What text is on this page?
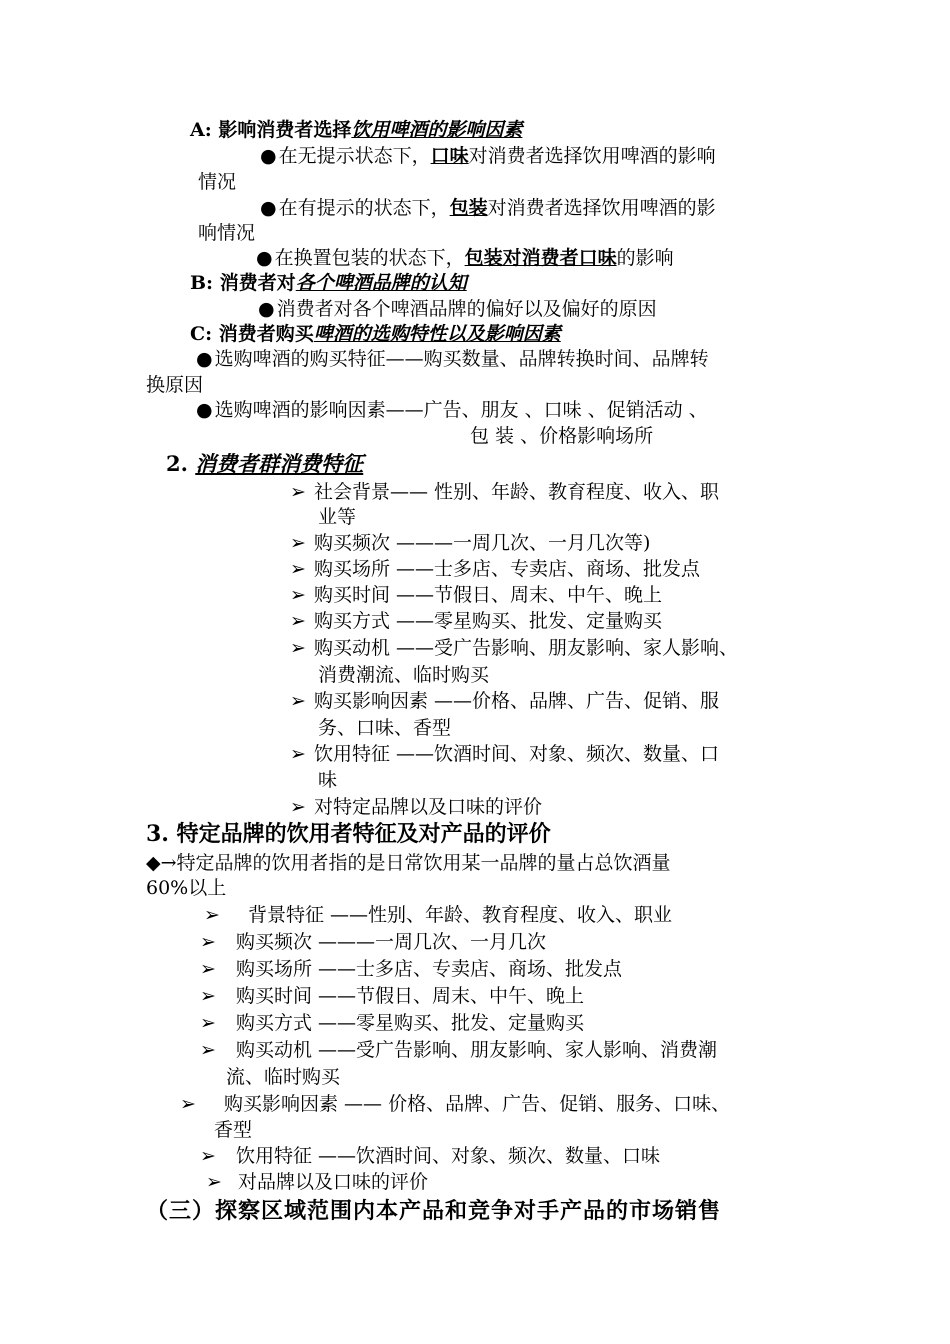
A: 影响消费者选择饮用啤酒的影响因素
● 在无提示状态下，口味对消费者选择饮用啤酒的影响
情况
● 在有提示的状态下，包装对消费者选择饮用啤酒的影
响情况
● 在换置包装的状态下，包装对消费者口味的影响
B: 消费者对各个啤酒品牌的认知
● 消费者对各个啤酒品牌的偏好以及偏好的原因
C: 消费者购买啤酒的选购特性以及影响因素
● 选购啤酒的购买特征——购买数量、品牌转换时间、品牌转
换原因
● 选购啤酒的影响因素——广告、朋友 、口味 、促销活动 、
包 装 、价格影响场所
2. 消费者群消费特征
➢ 社会背景—— 性别、年龄、教育程度、收入、职
业等
➢ 购买频次 ———一周几次、一月几次等)
➢ 购买场所 ——士多店、专卖店、商场、批发点
➢ 购买时间 ——节假日、周末、中午、晚上
➢ 购买方式 ——零星购买、批发、定量购买
➢ 购买动机 ——受广告影响、朋友影响、家人影响、
消费潮流、临时购买
➢ 购买影响因素 ——价格、品牌、广告、促销、服
务、口味、香型
➢ 饮用特征 ——饮酒时间、对象、频次、数量、口
味
➢ 对特定品牌以及口味的评价
3. 特定品牌的饮用者特征及对产品的评价
◆→特定品牌的饮用者指的是日常饮用某一品牌的量占总饮酒量
60%以上
➢ 背景特征 ——性别、年龄、教育程度、收入、职业
➢ 购买频次 ———一周几次、一月几次
➢ 购买场所 ——士多店、专卖店、商场、批发点
➢ 购买时间 ——节假日、周末、中午、晚上
➢ 购买方式 ——零星购买、批发、定量购买
➢ 购买动机 ——受广告影响、朋友影响、家人影响、消费潮
流、临时购买
➢ 购买影响因素 —— 价格、品牌、广告、促销、服务、口味、
香型
➢ 饮用特征 ——饮酒时间、对象、频次、数量、口味
➢ 对品牌以及口味的评价
（三）探察区域范围内本产品和竞争对手产品的市场销售
